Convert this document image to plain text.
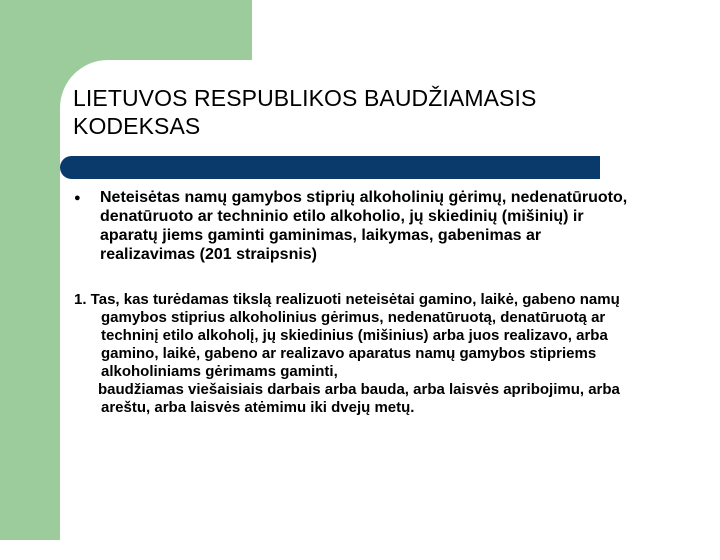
LIETUVOS RESPUBLIKOS BAUDŽIAMASIS
KODEKSAS
● Neteisėtas namų gamybos stiprių alkoholinių gėrimų, nedenatūruoto, denatūruoto ar techninio etilo alkoholio, jų skiedinių (mišinių) ir aparatų jiems gaminti gaminimas, laikymas, gabenimas ar realizavimas (201 straipsnis)

1. Tas, kas turėdamas tikslą realizuoti neteisėtai gamino, laikė, gabeno namų gamybos stiprius alkoholinius gėrimus, nedenatūruotą, denatūruotą ar techninį etilo alkoholį, jų skiedinius (mišinius) arba juos realizavo, arba gamino, laikė, gabeno ar realizavo aparatus namų gamybos stipriems alkoholiniams gėrimams gaminti,
baudžiamas viešaisiais darbais arba bauda, arba laisvės apribojimu, arba areštu, arba laisvės atėmimu iki dvejų metų.
